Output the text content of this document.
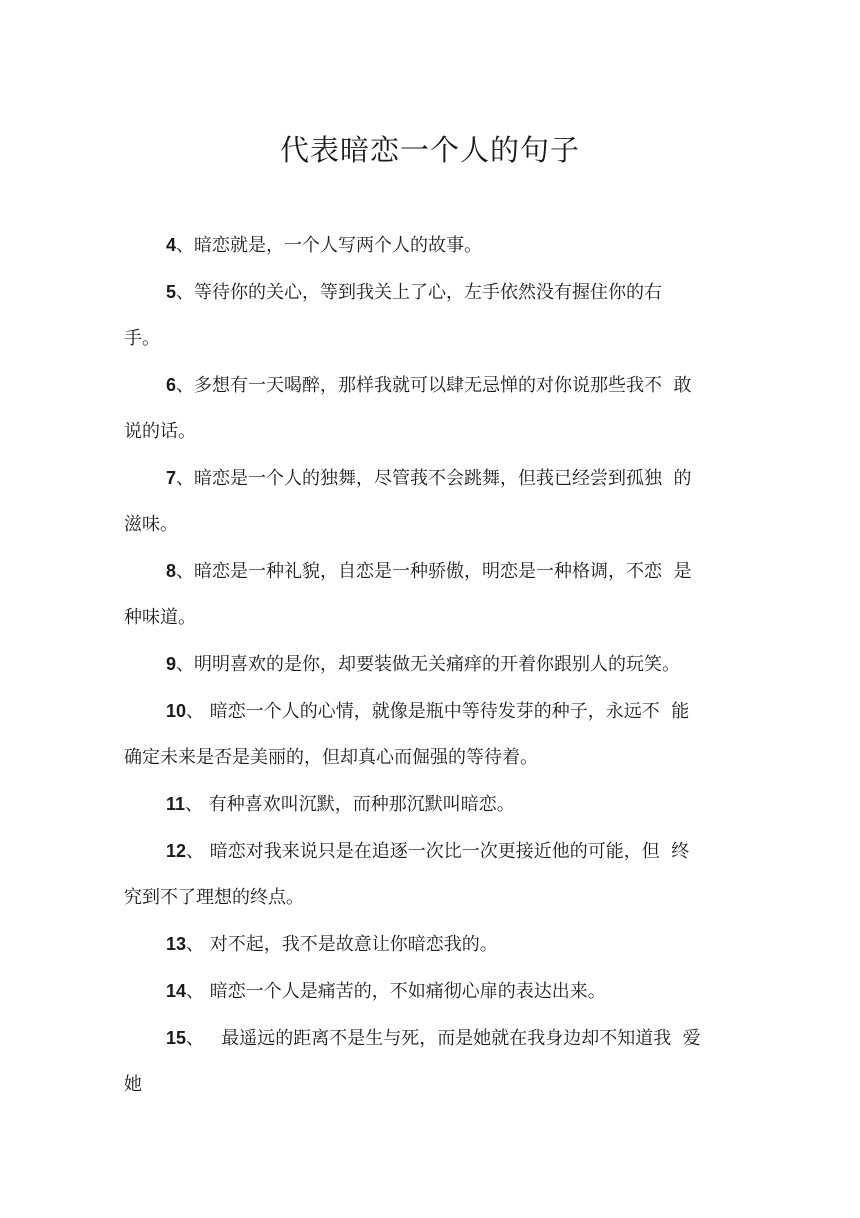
代表暗恋一个人的句子
4、暗恋就是，一个人写两个人的故事。
5、等待你的关心，等到我关上了心，左手依然没有握住你的右
手。
6、多想有一天喝醉，那样我就可以肆无忌惮的对你说那些我不  敢
说的话。
7、暗恋是一个人的独舞，尽管莪不会跳舞，但莪已经尝到孤独  的
滋味。
8、暗恋是一种礼貌，自恋是一种骄傲，明恋是一种格调，不恋  是
种味道。
9、明明喜欢的是你，却要装做无关痛痒的开着你跟别人的玩笑。
10、 暗恋一个人的心情，就像是瓶中等待发芽的种子，永远不  能
确定未来是否是美丽的，但却真心而倔强的等待着。
11、 有种喜欢叫沉默，而种那沉默叫暗恋。
12、 暗恋对我来说只是在追逐一次比一次更接近他的可能，但  终
究到不了理想的终点。
13、 对不起，我不是故意让你暗恋我的。
14、 暗恋一个人是痛苦的，不如痛彻心扉的表达出来。
15、   最遥远的距离不是生与死，而是她就在我身边却不知道我  爱
她
